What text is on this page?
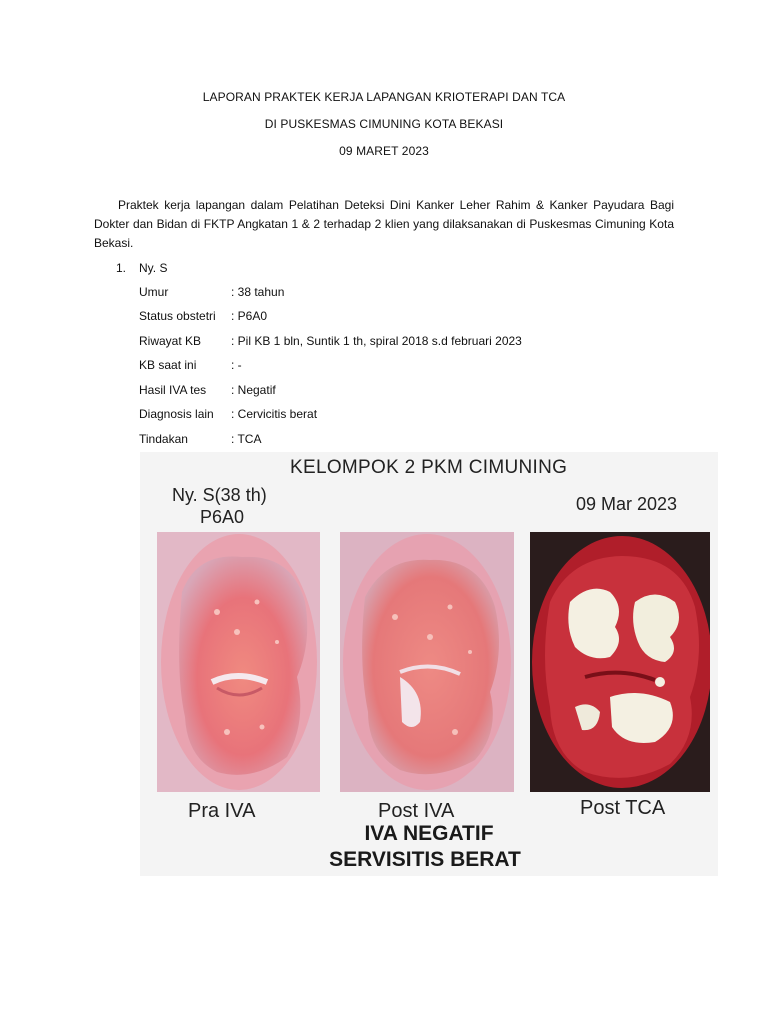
LAPORAN PRAKTEK KERJA LAPANGAN KRIOTERAPI DAN TCA
DI PUSKESMAS CIMUNING KOTA BEKASI
09 MARET 2023
Praktek kerja lapangan dalam Pelatihan Deteksi Dini Kanker Leher Rahim & Kanker Payudara Bagi Dokter dan Bidan di FKTP Angkatan 1 & 2 terhadap 2 klien yang dilaksanakan di Puskesmas Cimuning Kota Bekasi.
1. Ny. S
Umur	: 38 tahun
Status obstetri : P6A0
Riwayat KB : Pil KB 1 bln, Suntik 1 th, spiral 2018 s.d februari 2023
KB saat ini	: -
Hasil IVA tes : Negatif
Diagnosis lain : Cervicitis berat
Tindakan	: TCA
KELOMPOK 2 PKM CIMUNING
Ny. S(38 th)
P6A0
09 Mar 2023
Pra IVA	Post IVA	Post TCA
IVA NEGATIF
SERVISITIS BERAT
